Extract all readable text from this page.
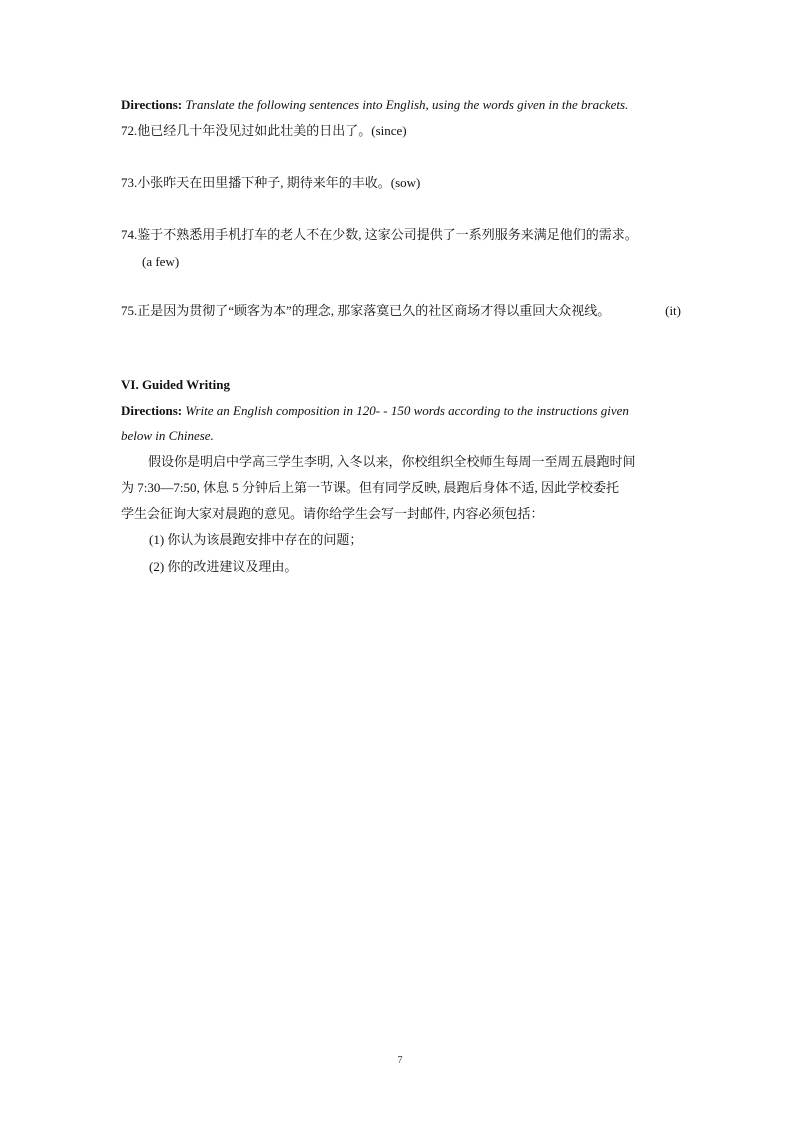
Directions: Translate the following sentences into English, using the words given in the brackets.
72.他已经几十年没见过如此壮美的日出了。(since)
73.小张昨天在田里播下种子, 期待来年的丰收。(sow)
74.鉴于不熟悉用手机打车的老人不在少数, 这家公司提供了一系列服务来满足他们的需求。
(a few)
75.正是因为贯彻了“顾客为本”的理念, 那家落寞已久的社区商场才得以重回大众视线。	(it)
VI. Guided Writing
Directions: Write an English composition in 120- - 150 words according to the instructions given
below in Chinese.
假设你是明启中学高三学生李明, 入冬以来，你校组织全校师生每周一至周五晨跑时间
为 7:30—7:50, 休息 5 分钟后上第一节课。但有同学反映, 晨跑后身体不适, 因此学校委托
学生会征询大家对晨跑的意见。请你给学生会写一封邮件, 内容必须包括：
(1) 你认为该晨跑安排中存在的问题；
(2) 你的改进建议及理由。
7
